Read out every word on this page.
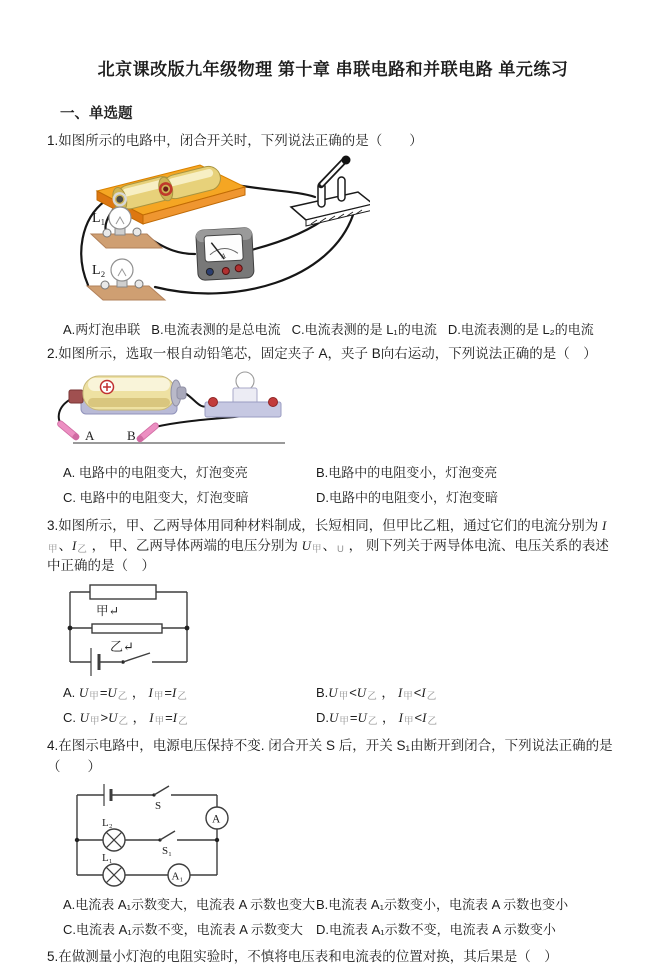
北京课改版九年级物理 第十章 串联电路和并联电路 单元练习
一、单选题
1.如图所示的电路中，闭合开关时，下列说法正确的是（　　）
A
L₁
L₂
A.两灯泡串联 B.电流表测的是总电流 C.电流表测的是 L₁的电流 D.电流表测的是 L₂的电流
2.如图所示，选取一根自动铅笔芯，固定夹子 A，夹子 B向右运动，下列说法正确的是（　）
A	B
A. 电路中的电阻变大，灯泡变亮	B.电路中的电阻变小，灯泡变亮
C. 电路中的电阻变大，灯泡变暗	D.电路中的电阻变小，灯泡变暗
3.如图所示，甲、乙两导体用同种材料制成，长短相同，但甲比乙粗，通过它们的电流分别为 I甲、I乙 ， 甲、乙两导体两端的电压分别为 U甲、U ， 则下列关于两导体电流、电压关系的表述中正确的是（　）
甲↵
乙↵
A. U甲=U乙 ， I甲=I乙	B.U甲<U乙 ， I甲<I乙
C. U甲>U乙 ， I甲=I乙	D.U甲=U乙 ， I甲<I乙
4.在图示电路中，电源电压保持不变. 闭合开关 S 后，开关 S₁由断开到闭合，下列说法正确的是（　　）
S
A
L₂
S₁
L₁
A₁
A.电流表 A₁示数变大，电流表 A 示数也变大 B.电流表 A₁示数变小，电流表 A 示数也变小
C.电流表 A₁示数不变，电流表 A 示数变大	D.电流表 A₁示数不变，电流表 A 示数变小
5.在做测量小灯泡的电阻实验时，不慎将电压表和电流表的位置对换，其后果是（　）
